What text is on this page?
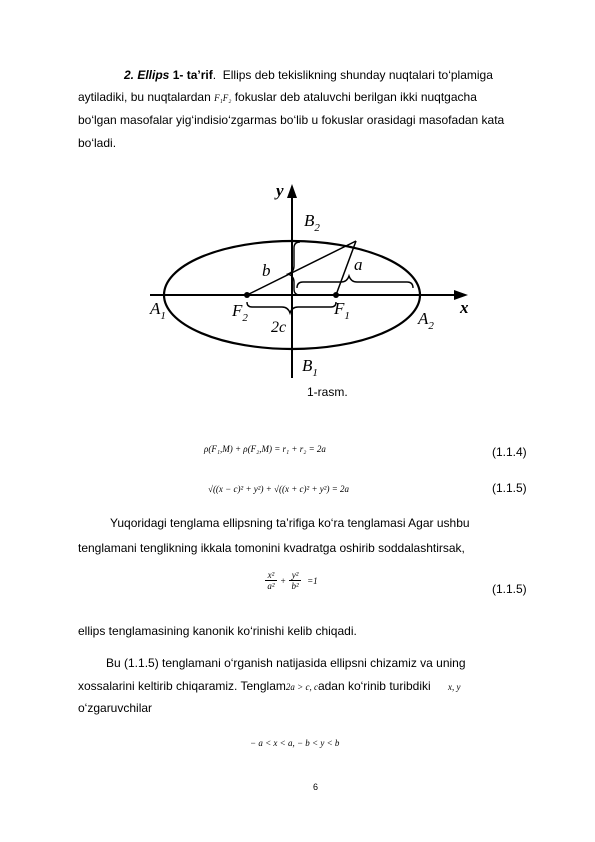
2. Ellips 1- ta’rif. Ellips deb tekislikning shunday nuqtalari to‘plamiga
aytiladiki, bu nuqtalardan F₁F₂ fokuslar deb ataluvchi berilgan ikki nuqtgacha
bo‘lgan masofalar yig‘indisio‘zgarmas bo‘lib u fokuslar orasidagi masofadan kata
bo‘ladi.
y
x
$B_2$
$B_1$
$A_1$	$A_2$
$F_2$	$F_1$
b	a
2c
1-rasm.
ρ(F₁,M) + ρ(F₂,M) = r₁ + r₂ = 2a	(1.1.4)
√((x − c)² + y²) + √((x + c)² + y²) = 2a	(1.1.5)
Yuqoridagi tenglama ellipsning ta’rifiga ko‘ra tenglamasi Agar ushbu
tenglamani tenglikning ikkala tomonini kvadratga oshirib soddalashtirsak,
x²
a²
+
y²
b²
=1
(1.1.5)
ellips tenglamasining kanonik ko‘rinishi kelib chiqadi.
Bu (1.1.5) tenglamani o‘rganish natijasida ellipsni chizamiz va uning
xossalarini keltirib chiqaramiz. Tenglam2a > c, cadan ko‘rinib turibdiki x, y
o‘zgaruvchilar
− a < x < a, − b < y < b
6
